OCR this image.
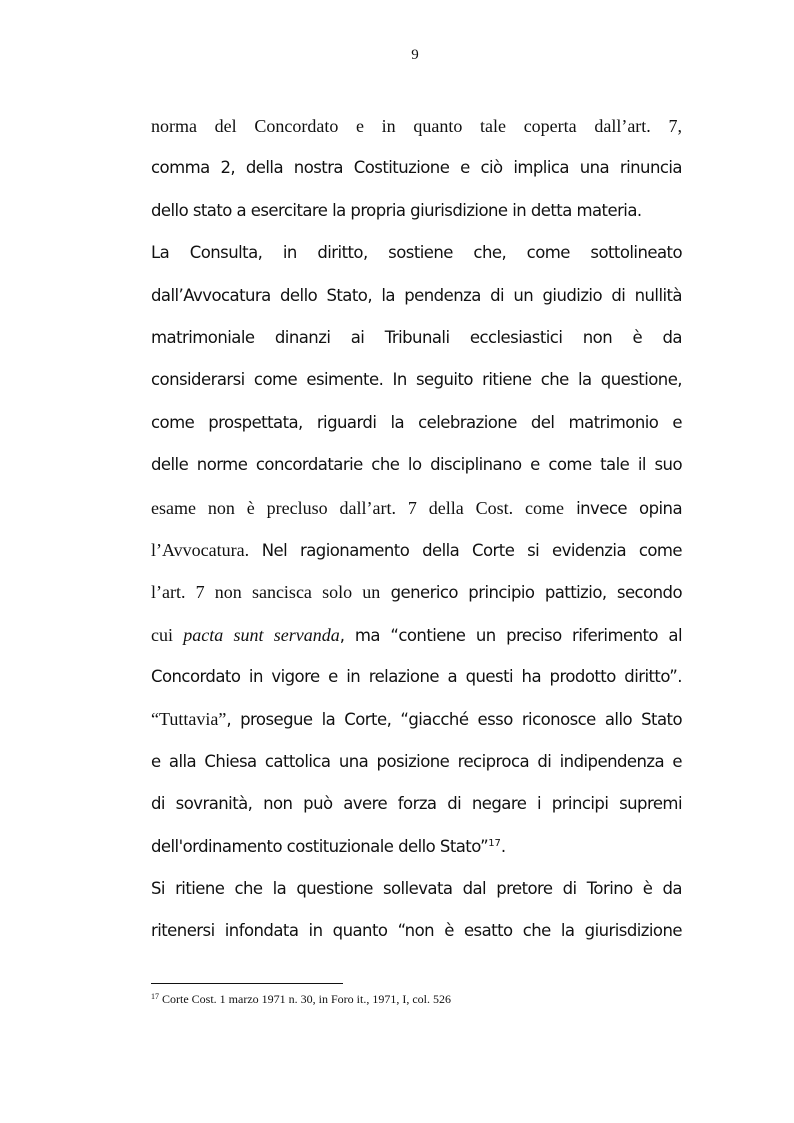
9
norma del Concordato e in quanto tale coperta dall’art. 7,
comma 2, della nostra Costituzione e ciò implica una rinuncia
dello stato a esercitare la propria giurisdizione in detta materia.
La Consulta, in diritto, sostiene che, come sottolineato
dall’Avvocatura dello Stato, la pendenza di un giudizio di nullità
matrimoniale dinanzi ai Tribunali ecclesiastici non è da
considerarsi come esimente. In seguito ritiene che la questione,
come prospettata, riguardi la celebrazione del matrimonio e
delle norme concordatarie che lo disciplinano e come tale il suo
esame non è precluso dall’art. 7 della Cost. come invece opina
l’Avvocatura. Nel ragionamento della Corte si evidenzia come
l’art. 7 non sancisca solo un generico principio pattizio, secondo
cui pacta sunt servanda, ma “contiene un preciso riferimento al
Concordato in vigore e in relazione a questi ha prodotto diritto”.
“Tuttavia”, prosegue la Corte, “giacché esso riconosce allo Stato
e alla Chiesa cattolica una posizione reciproca di indipendenza e
di sovranità, non può avere forza di negare i principi supremi
dell'ordinamento costituzionale dello Stato”$^{17}$.
Si ritiene che la questione sollevata dal pretore di Torino è da
ritenersi infondata in quanto “non è esatto che la giurisdizione
$^{17}$ Corte Cost. 1 marzo 1971 n. 30, in Foro it., 1971, I, col. 526
